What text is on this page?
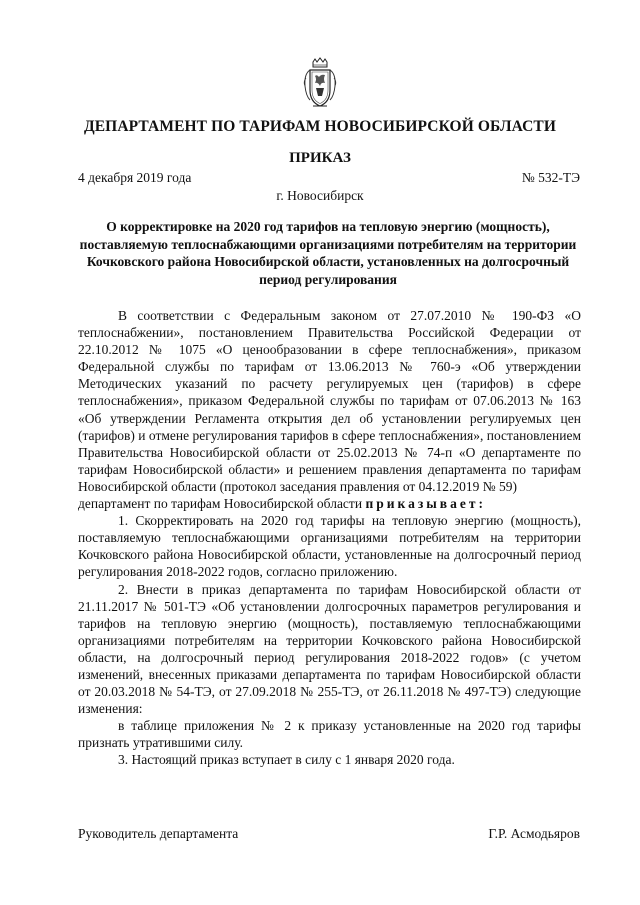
ДЕПАРТАМЕНТ ПО ТАРИФАМ НОВОСИБИРСКОЙ ОБЛАСТИ
ПРИКАЗ
4 декабря 2019 года	№ 532-ТЭ
г. Новосибирск
О корректировке на 2020 год тарифов на тепловую энергию (мощность), поставляемую теплоснабжающими организациями потребителям на территории Кочковского района Новосибирской области, установленных на долгосрочный период регулирования

В соответствии с Федеральным законом от 27.07.2010 № 190-ФЗ «О теплоснабжении», постановлением Правительства Российской Федерации от 22.10.2012 № 1075 «О ценообразовании в сфере теплоснабжения», приказом Федеральной службы по тарифам от 13.06.2013 № 760-э «Об утверждении Методических указаний по расчету регулируемых цен (тарифов) в сфере теплоснабжения», приказом Федеральной службы по тарифам от 07.06.2013 № 163 «Об утверждении Регламента открытия дел об установлении регулируемых цен (тарифов) и отмене регулирования тарифов в сфере теплоснабжения», постановлением Правительства Новосибирской области от 25.02.2013 № 74-п «О департаменте по тарифам Новосибирской области» и решением правления департамента по тарифам Новосибирской области (протокол заседания правления от 04.12.2019 № 59)

департамент по тарифам Новосибирской области приказывает:

1. Скорректировать на 2020 год тарифы на тепловую энергию (мощность), поставляемую теплоснабжающими организациями потребителям на территории Кочковского района Новосибирской области, установленные на долгосрочный период регулирования 2018-2022 годов, согласно приложению.

2. Внести в приказ департамента по тарифам Новосибирской области от 21.11.2017 № 501-ТЭ «Об установлении долгосрочных параметров регулирования и тарифов на тепловую энергию (мощность), поставляемую теплоснабжающими организациями потребителям на территории Кочковского района Новосибирской области, на долгосрочный период регулирования 2018-2022 годов» (с учетом изменений, внесенных приказами департамента по тарифам Новосибирской области от 20.03.2018 № 54-ТЭ, от 27.09.2018 № 255-ТЭ, от 26.11.2018 № 497-ТЭ) следующие изменения:

в таблице приложения № 2 к приказу установленные на 2020 год тарифы признать утратившими силу.

3. Настоящий приказ вступает в силу с 1 января 2020 года.

Руководитель департамента	Г.Р. Асмодьяров
